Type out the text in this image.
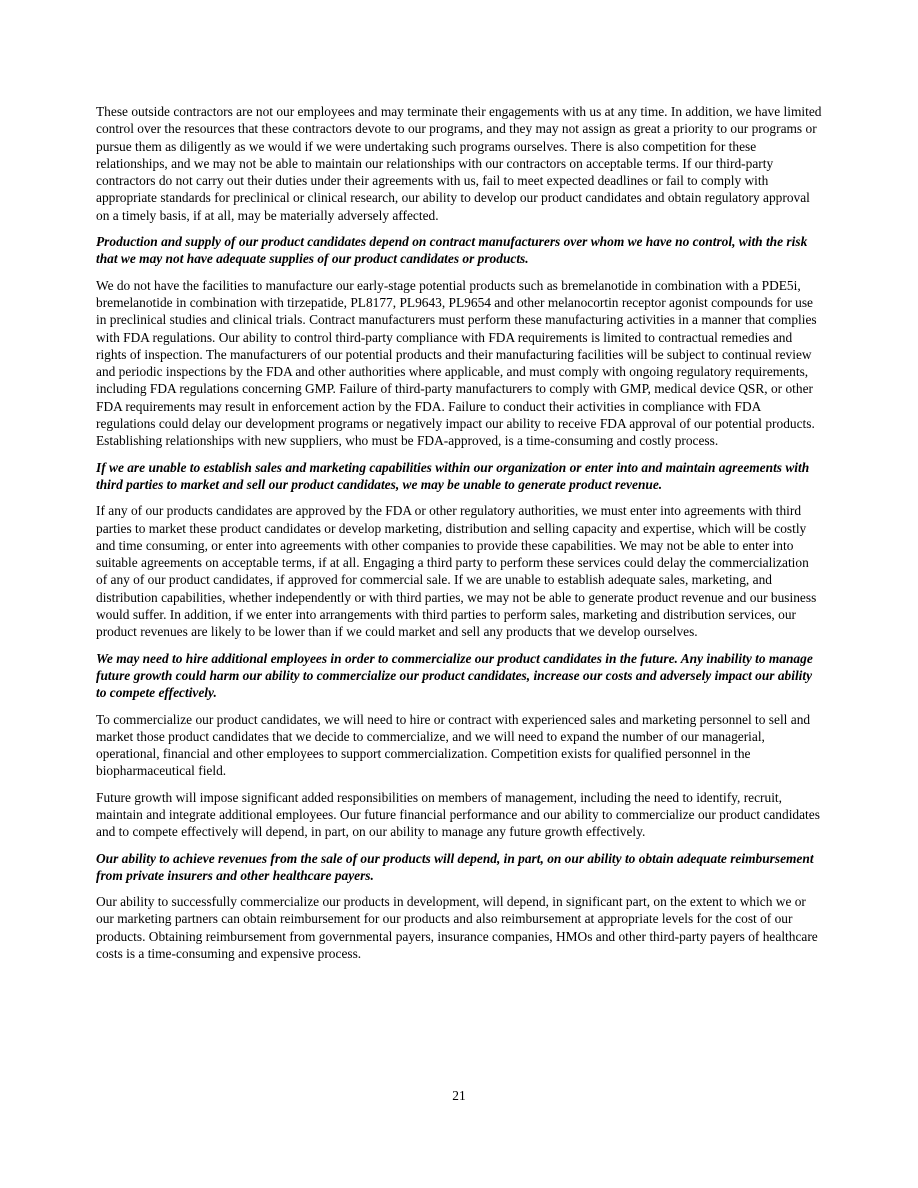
These outside contractors are not our employees and may terminate their engagements with us at any time. In addition, we have limited control over the resources that these contractors devote to our programs, and they may not assign as great a priority to our programs or pursue them as diligently as we would if we were undertaking such programs ourselves. There is also competition for these relationships, and we may not be able to maintain our relationships with our contractors on acceptable terms. If our third-party contractors do not carry out their duties under their agreements with us, fail to meet expected deadlines or fail to comply with appropriate standards for preclinical or clinical research, our ability to develop our product candidates and obtain regulatory approval on a timely basis, if at all, may be materially adversely affected.

Production and supply of our product candidates depend on contract manufacturers over whom we have no control, with the risk that we may not have adequate supplies of our product candidates or products.

We do not have the facilities to manufacture our early-stage potential products such as bremelanotide in combination with a PDE5i, bremelanotide in combination with tirzepatide, PL8177, PL9643, PL9654 and other melanocortin receptor agonist compounds for use in preclinical studies and clinical trials. Contract manufacturers must perform these manufacturing activities in a manner that complies with FDA regulations. Our ability to control third-party compliance with FDA requirements is limited to contractual remedies and rights of inspection. The manufacturers of our potential products and their manufacturing facilities will be subject to continual review and periodic inspections by the FDA and other authorities where applicable, and must comply with ongoing regulatory requirements, including FDA regulations concerning GMP. Failure of third-party manufacturers to comply with GMP, medical device QSR, or other FDA requirements may result in enforcement action by the FDA. Failure to conduct their activities in compliance with FDA regulations could delay our development programs or negatively impact our ability to receive FDA approval of our potential products. Establishing relationships with new suppliers, who must be FDA-approved, is a time-consuming and costly process.

If we are unable to establish sales and marketing capabilities within our organization or enter into and maintain agreements with third parties to market and sell our product candidates, we may be unable to generate product revenue.

If any of our products candidates are approved by the FDA or other regulatory authorities, we must enter into agreements with third parties to market these product candidates or develop marketing, distribution and selling capacity and expertise, which will be costly and time consuming, or enter into agreements with other companies to provide these capabilities. We may not be able to enter into suitable agreements on acceptable terms, if at all. Engaging a third party to perform these services could delay the commercialization of any of our product candidates, if approved for commercial sale. If we are unable to establish adequate sales, marketing, and distribution capabilities, whether independently or with third parties, we may not be able to generate product revenue and our business would suffer. In addition, if we enter into arrangements with third parties to perform sales, marketing and distribution services, our product revenues are likely to be lower than if we could market and sell any products that we develop ourselves.

We may need to hire additional employees in order to commercialize our product candidates in the future. Any inability to manage future growth could harm our ability to commercialize our product candidates, increase our costs and adversely impact our ability to compete effectively.

To commercialize our product candidates, we will need to hire or contract with experienced sales and marketing personnel to sell and market those product candidates that we decide to commercialize, and we will need to expand the number of our managerial, operational, financial and other employees to support commercialization. Competition exists for qualified personnel in the biopharmaceutical field.

Future growth will impose significant added responsibilities on members of management, including the need to identify, recruit, maintain and integrate additional employees. Our future financial performance and our ability to commercialize our product candidates and to compete effectively will depend, in part, on our ability to manage any future growth effectively.

Our ability to achieve revenues from the sale of our products will depend, in part, on our ability to obtain adequate reimbursement from private insurers and other healthcare payers.

Our ability to successfully commercialize our products in development, will depend, in significant part, on the extent to which we or our marketing partners can obtain reimbursement for our products and also reimbursement at appropriate levels for the cost of our products. Obtaining reimbursement from governmental payers, insurance companies, HMOs and other third-party payers of healthcare costs is a time-consuming and expensive process.

21
